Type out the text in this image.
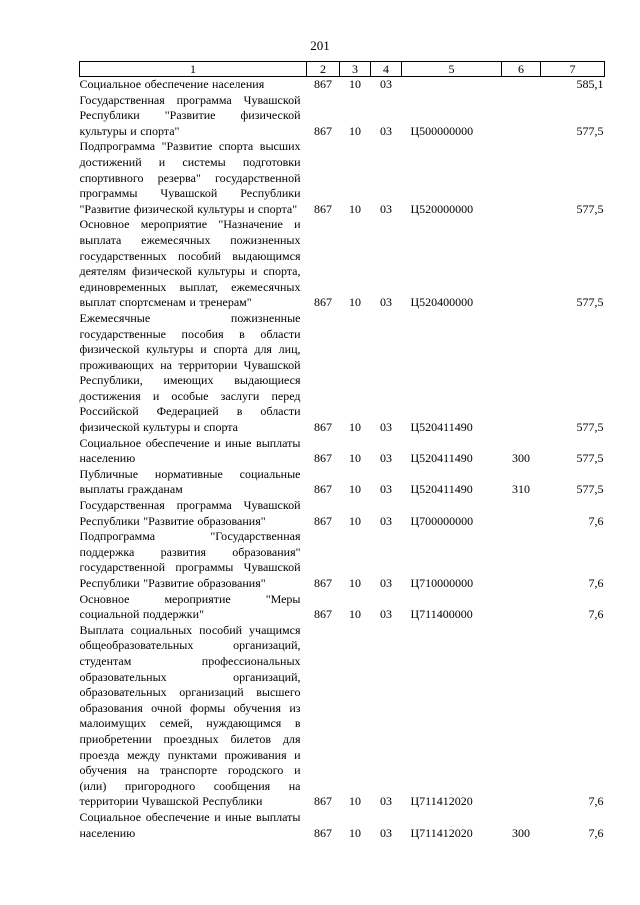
201
1	2	3	4	5	6	7
Социальное обеспечение населения	867	10	03			585,1
Государственная программа Чувашской Республики "Развитие физической культуры и спорта"	867	10	03	Ц500000000		577,5
Подпрограмма "Развитие спорта высших достижений и системы подготовки спортивного резерва" государственной программы Чувашской Республики "Развитие физической культуры и спорта"	867	10	03	Ц520000000		577,5
Основное мероприятие "Назначение и выплата ежемесячных пожизненных государственных пособий выдающимся деятелям физической культуры и спорта, единовременных выплат, ежемесячных выплат спортсменам и тренерам"	867	10	03	Ц520400000		577,5
Ежемесячные пожизненные государственные пособия в области физической культуры и спорта для лиц, проживающих на территории Чувашской Республики, имеющих выдающиеся достижения и особые заслуги перед Российской Федерацией в области физической культуры и спорта	867	10	03	Ц520411490		577,5
Социальное обеспечение и иные выплаты населению	867	10	03	Ц520411490	300	577,5
Публичные нормативные социальные выплаты гражданам	867	10	03	Ц520411490	310	577,5
Государственная программа Чувашской Республики "Развитие образования"	867	10	03	Ц700000000		7,6
Подпрограмма "Государственная поддержка развития образования" государственной программы Чувашской Республики "Развитие образования"	867	10	03	Ц710000000		7,6
Основное мероприятие "Меры социальной поддержки"	867	10	03	Ц711400000		7,6
Выплата социальных пособий учащимся общеобразовательных организаций, студентам профессиональных образовательных организаций, образовательных организаций высшего образования очной формы обучения из малоимущих семей, нуждающимся в приобретении проездных билетов для проезда между пунктами проживания и обучения на транспорте городского и (или) пригородного сообщения на территории Чувашской Республики	867	10	03	Ц711412020		7,6
Социальное обеспечение и иные выплаты населению	867	10	03	Ц711412020	300	7,6
